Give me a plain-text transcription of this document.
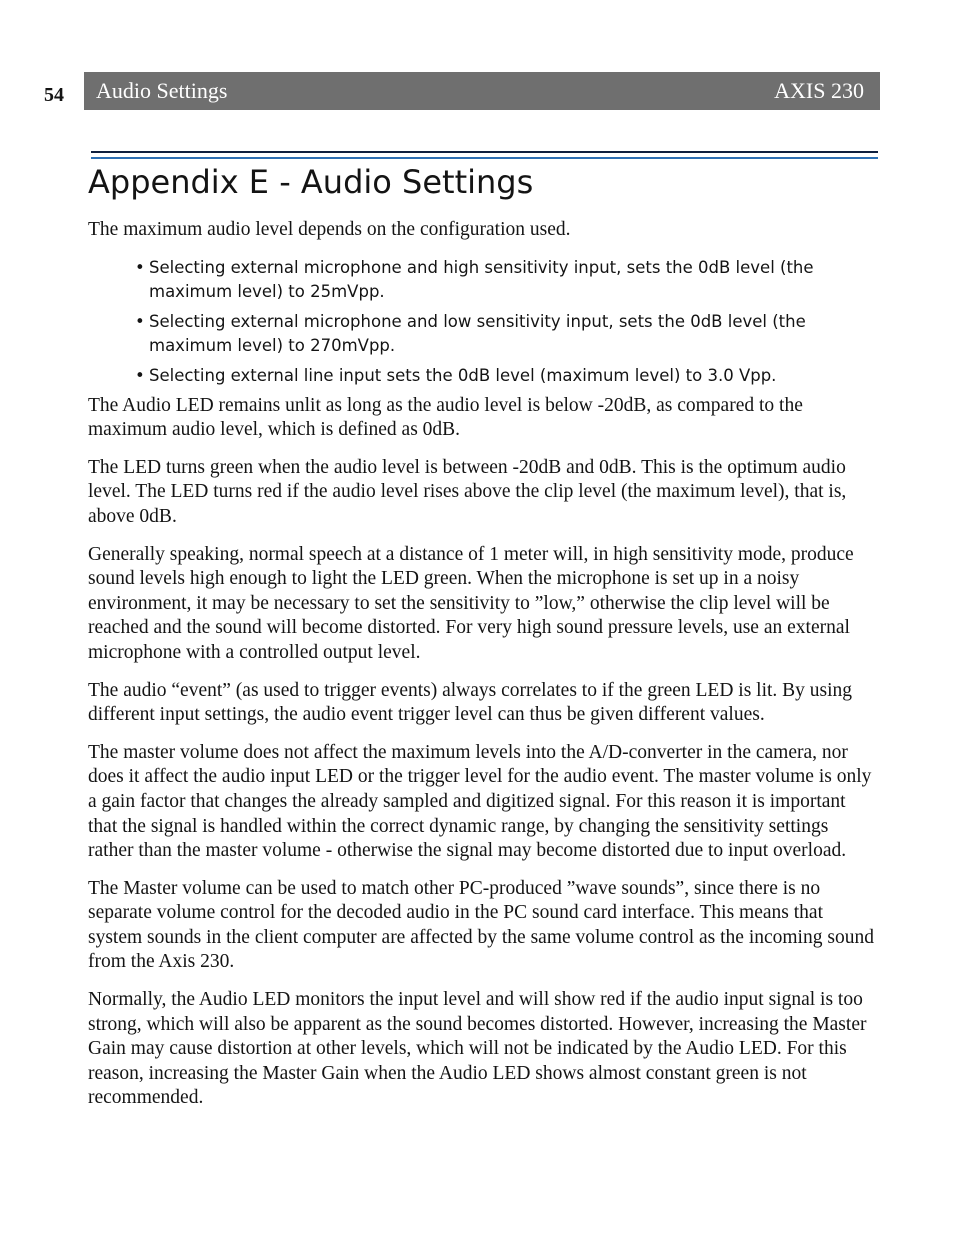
54 Audio Settings	AXIS 230
Appendix E - Audio Settings

The maximum audio level depends on the configuration used.

• Selecting external microphone and high sensitivity input, sets the 0dB level (the maximum level) to 25mVpp.
• Selecting external microphone and low sensitivity input, sets the 0dB level (the maximum level) to 270mVpp.
• Selecting external line input sets the 0dB level (maximum level) to 3.0 Vpp.

The Audio LED remains unlit as long as the audio level is below -20dB, as compared to the maximum audio level, which is defined as 0dB.

The LED turns green when the audio level is between -20dB and 0dB. This is the optimum audio level. The LED turns red if the audio level rises above the clip level (the maximum level), that is, above 0dB.

Generally speaking, normal speech at a distance of 1 meter will, in high sensitivity mode, produce sound levels high enough to light the LED green. When the microphone is set up in a noisy environment, it may be necessary to set the sensitivity to ”low,” otherwise the clip level will be reached and the sound will become distorted. For very high sound pressure levels, use an external microphone with a controlled output level.

The audio “event” (as used to trigger events) always correlates to if the green LED is lit. By using different input settings, the audio event trigger level can thus be given different values.

The master volume does not affect the maximum levels into the A/D-converter in the camera, nor does it affect the audio input LED or the trigger level for the audio event. The master volume is only a gain factor that changes the already sampled and digitized signal. For this reason it is important that the signal is handled within the correct dynamic range, by changing the sensitivity settings rather than the master volume - otherwise the signal may become distorted due to input overload.

The Master volume can be used to match other PC-produced ”wave sounds”, since there is no separate volume control for the decoded audio in the PC sound card interface. This means that system sounds in the client computer are affected by the same volume control as the incoming sound from the Axis 230.

Normally, the Audio LED monitors the input level and will show red if the audio input signal is too strong, which will also be apparent as the sound becomes distorted. However, increasing the Master Gain may cause distortion at other levels, which will not be indicated by the Audio LED. For this reason, increasing the Master Gain when the Audio LED shows almost constant green is not recommended.
